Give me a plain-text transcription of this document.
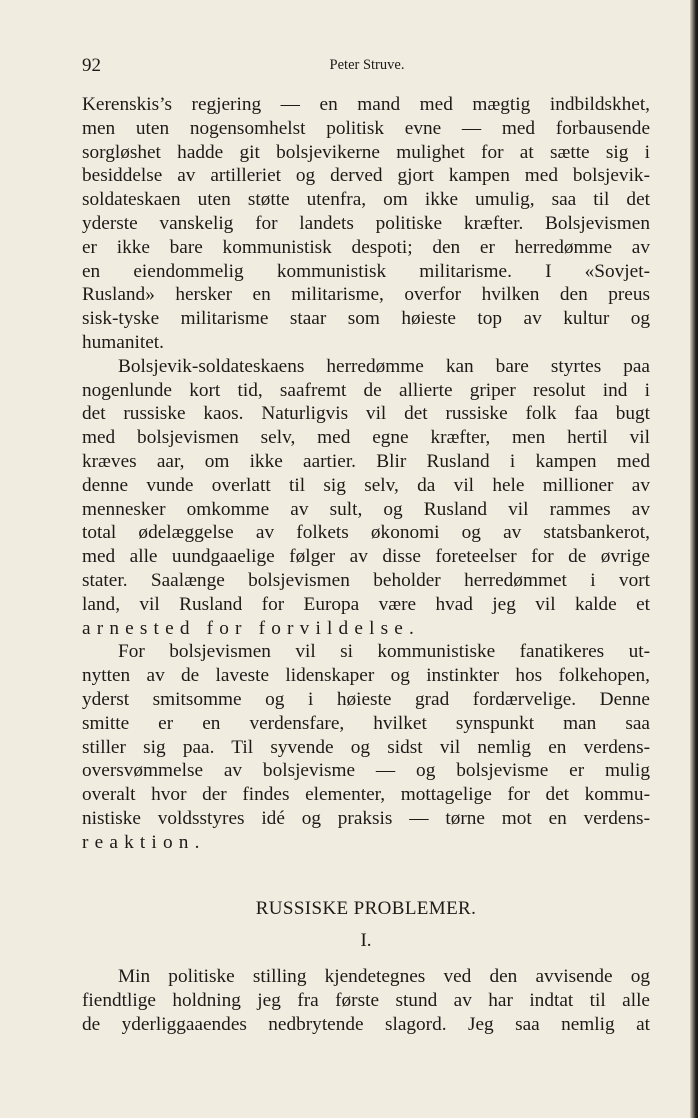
92	Peter Struve.
Kerenskis’s regjering — en mand med mægtig indbildskhet,
men uten nogensomhelst politisk evne — med forbausende
sorgløshet hadde git bolsjevikerne mulighet for at sætte sig i
besiddelse av artilleriet og derved gjort kampen med bolsjevik-
soldateskaen uten støtte utenfra, om ikke umulig, saa til det
yderste vanskelig for landets politiske kræfter. Bolsjevismen
er ikke bare kommunistisk despoti; den er herredømme av
en eiendommelig kommunistisk militarisme. I «Sovjet-
Rusland» hersker en militarisme, overfor hvilken den preus
sisk-tyske militarisme staar som høieste top av kultur og
humanitet.
Bolsjevik-soldateskaens herredømme kan bare styrtes paa
nogenlunde kort tid, saafremt de allierte griper resolut ind i
det russiske kaos. Naturligvis vil det russiske folk faa bugt
med bolsjevismen selv, med egne kræfter, men hertil vil
kræves aar, om ikke aartier. Blir Rusland i kampen med
denne vunde overlatt til sig selv, da vil hele millioner av
mennesker omkomme av sult, og Rusland vil rammes av
total ødelæggelse av folkets økonomi og av statsbankerot,
med alle uundgaaelige følger av disse foreteelser for de øvrige
stater. Saalænge bolsjevismen beholder herredømmet i vort
land, vil Rusland for Europa være hvad jeg vil kalde et
arnested for forvildelse.
For bolsjevismen vil si kommunistiske fanatikeres ut-
nytten av de laveste lidenskaper og instinkter hos folkehopen,
yderst smitsomme og i høieste grad fordærvelige. Denne
smitte er en verdensfare, hvilket synspunkt man saa
stiller sig paa. Til syvende og sidst vil nemlig en verdens-
oversvømmelse av bolsjevisme — og bolsjevisme er mulig
overalt hvor der findes elementer, mottagelige for det kommu-
nistiske voldsstyres idé og praksis — tørne mot en verdens-
reaktion.
RUSSISKE PROBLEMER.
I.
Min politiske stilling kjendetegnes ved den avvisende og
fiendtlige holdning jeg fra første stund av har indtat til alle
de yderliggaaendes nedbrytende slagord. Jeg saa nemlig at
